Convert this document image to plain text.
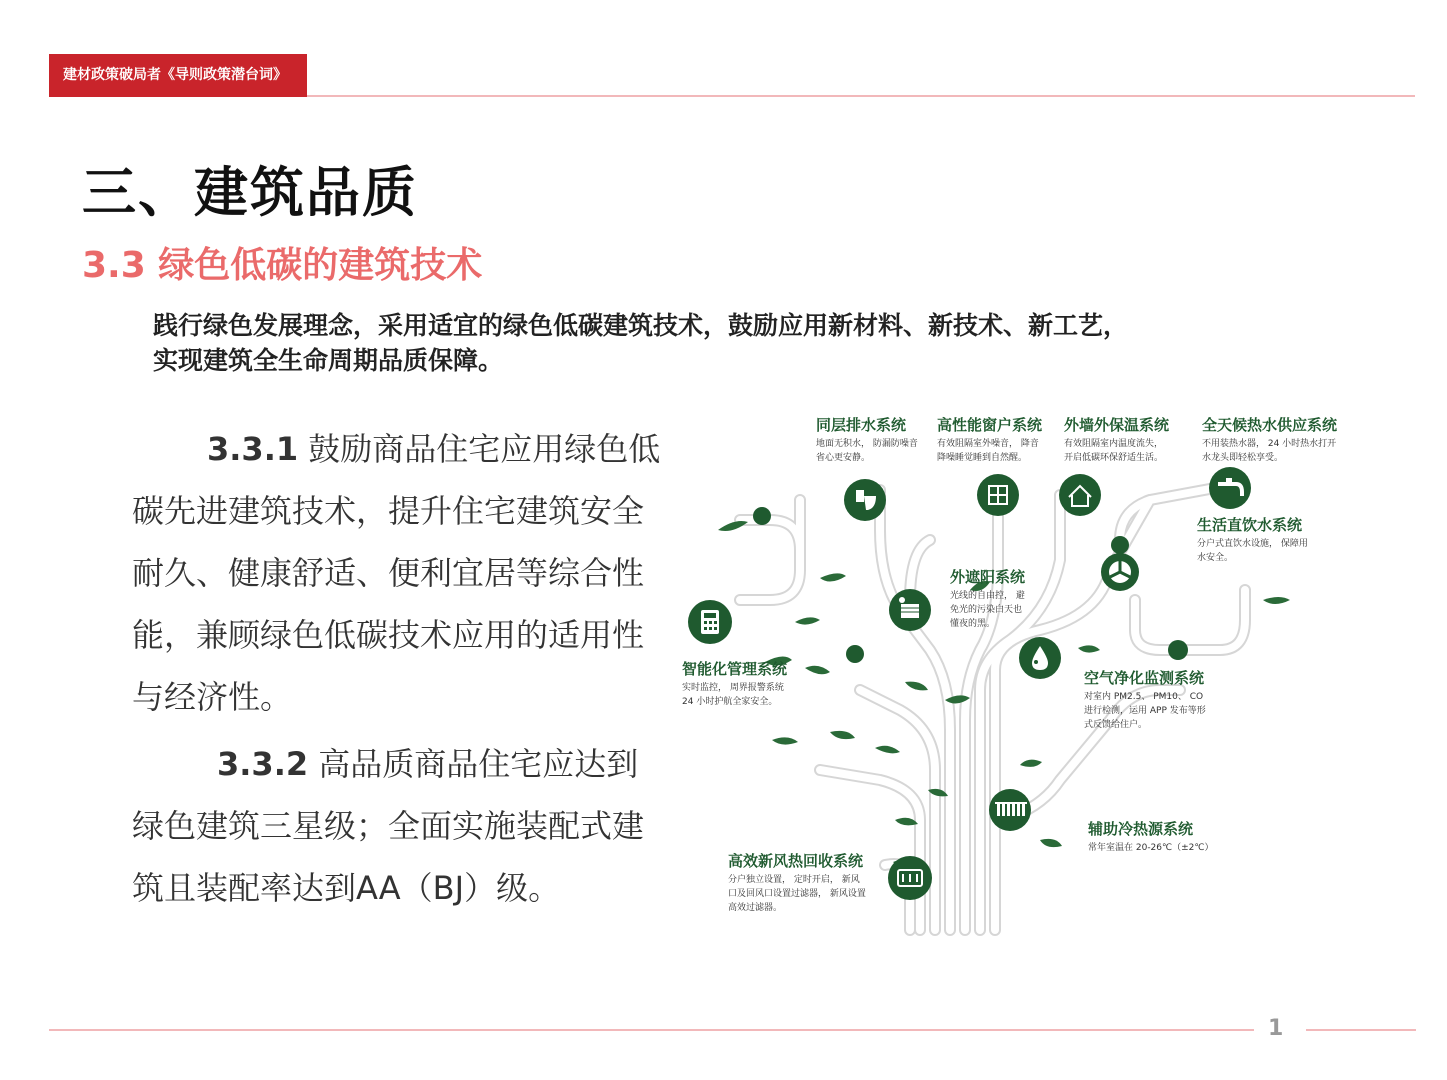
建材政策破局者《导则政策潜台词》
三、建筑品质
3.3 绿色低碳的建筑技术
践行绿色发展理念，采用适宜的绿色低碳建筑技术，鼓励应用新材料、新技术、新工艺，
实现建筑全生命周期品质保障。

3.3.1 鼓励商品住宅应用绿色低碳先进建筑技术，提升住宅建筑安全耐久、健康舒适、便利宜居等综合性能，兼顾绿色低碳技术应用的适用性与经济性。

3.3.2 高品质商品住宅应达到绿色建筑三星级；全面实施装配式建筑且装配率达到AA（BJ）级。

同层排水系统
地面无积水， 防漏防噪音
省心更安静。
高性能窗户系统
有效阻隔室外噪音， 降音
降噪睡觉睡到自然醒。
外墙外保温系统
有效阻隔室内温度流失，
开启低碳环保舒适生活。
全天候热水供应系统
不用装热水器， 24 小时热水打开
水龙头即轻松享受。
生活直饮水系统
分户式直饮水设施， 保障用
水安全。
外遮阳系统
光线的自由控， 避
免光的污染白天也
懂夜的黑。
智能化管理系统
实时监控， 周界报警系统
24 小时护航全家安全。
空气净化监测系统
对室内 PM2.5、 PM10、 CO
进行检测，运用 APP 发布等形
式反馈给住户。
辅助冷热源系统
常年室温在 20-26℃（±2℃）
高效新风热回收系统
分户独立设置， 定时开启， 新风
口及回风口设置过滤器， 新风设置
高效过滤器。
1
